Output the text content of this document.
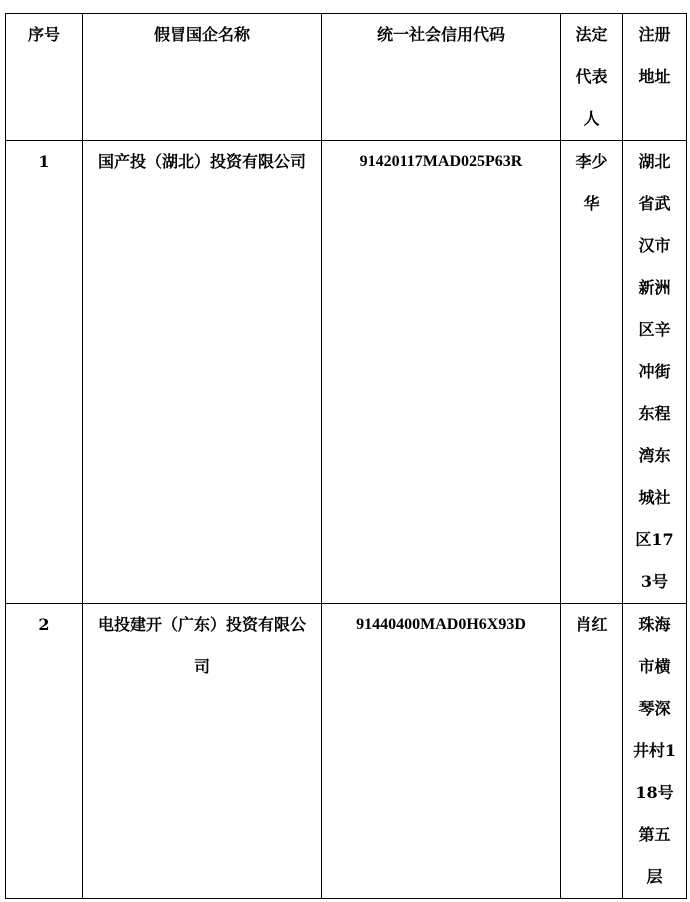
序号	假冒国企名称	统一社会信用代码	法定代表人	注册地址

1	国产投（湖北）投资有限公司	91420117MAD025P63R	李少华	湖北省武汉市新洲区辛冲街东程湾东城社区173号

2	电投建开（广东）投资有限公司	91440400MAD0H6X93D	肖红	珠海市横琴深井村118号第五层
